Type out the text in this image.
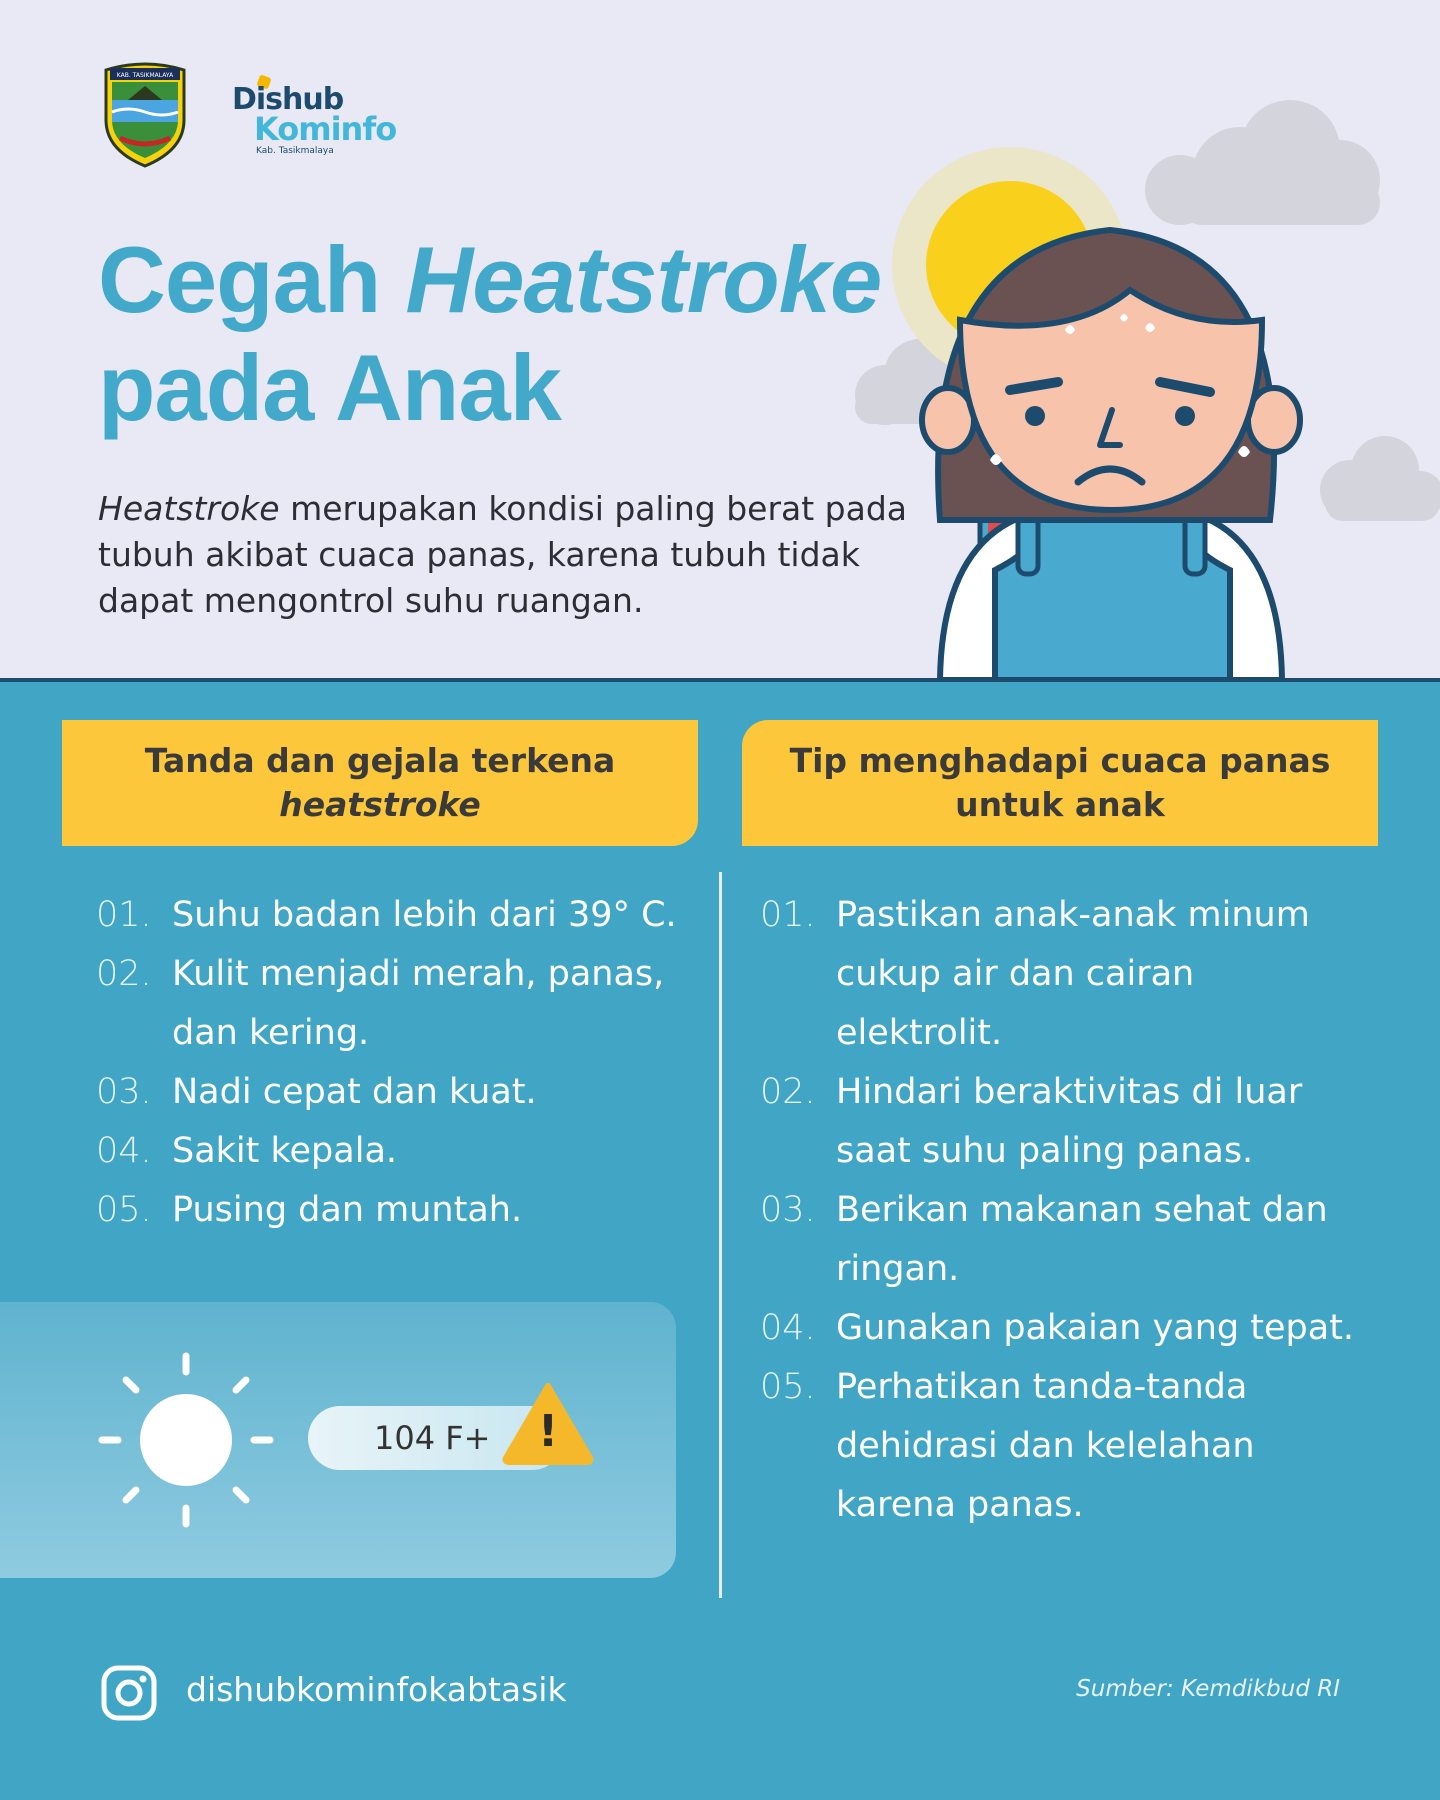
KAB. TASIKMALAYA
Dishub
Kominfo
Kab. Tasikmalaya
Cegah Heatstroke
pada Anak

Heatstroke merupakan kondisi paling berat pada tubuh akibat cuaca panas, karena tubuh tidak dapat mengontrol suhu ruangan.

Tanda dan gejala terkena
heatstroke
Tip menghadapi cuaca panas
untuk anak
01. Suhu badan lebih dari 39° C.
02. Kulit menjadi merah, panas, dan kering.
03. Nadi cepat dan kuat.
04. Sakit kepala.
05. Pusing dan muntah.
01. Pastikan anak-anak minum cukup air dan cairan elektrolit.
02. Hindari beraktivitas di luar saat suhu paling panas.
03. Berikan makanan sehat dan ringan.
04. Gunakan pakaian yang tepat.
05. Perhatikan tanda-tanda dehidrasi dan kelelahan karena panas.
104 F+ !
dishubkominfokabtasik	Sumber: Kemdikbud RI
